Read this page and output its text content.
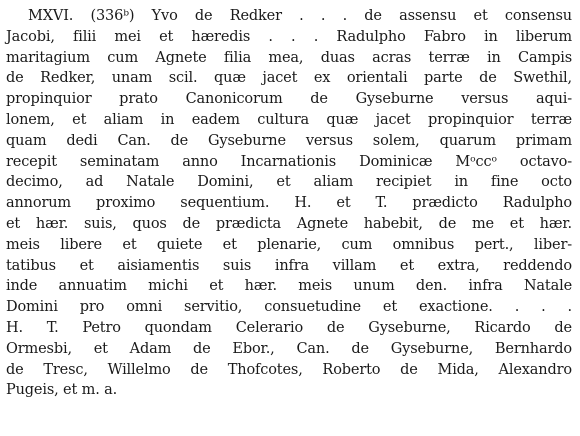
MXVI. (336ᵇ) Yvo de Redker . . . de assensu et consensu
Jacobi, filii mei et hæredis . . . Radulpho Fabro in liberum
maritagium cum Agnete filia mea, duas acras terræ in Campis
de Redker, unam scil. quæ jacet ex orientali parte de Swethil,
propinquior prato Canonicorum de Gyseburne versus aqui-
lonem, et aliam in eadem cultura quæ jacet propinquior terræ
quam dedi Can. de Gyseburne versus solem, quarum primam
recepit seminatam anno Incarnationis Dominicæ Mᵒccᵒ octavo-
decimo, ad Natale Domini, et aliam recipiet in fine octo
annorum proximo sequentium. H. et T. prædicto Radulpho
et hær. suis, quos de prædicta Agnete habebit, de me et hær.
meis libere et quiete et plenarie, cum omnibus pert., liber-
tatibus et aisiamentis suis infra villam et extra, reddendo
inde annuatim michi et hær. meis unum den. infra Natale
Domini pro omni servitio, consuetudine et exactione. . . .
H. T. Petro quondam Celerario de Gyseburne, Ricardo de
Ormesbi, et Adam de Ebor., Can. de Gyseburne, Bernhardo
de Tresc, Willelmo de Thofcotes, Roberto de Mida, Alexandro
Pugeis, et m. a.
